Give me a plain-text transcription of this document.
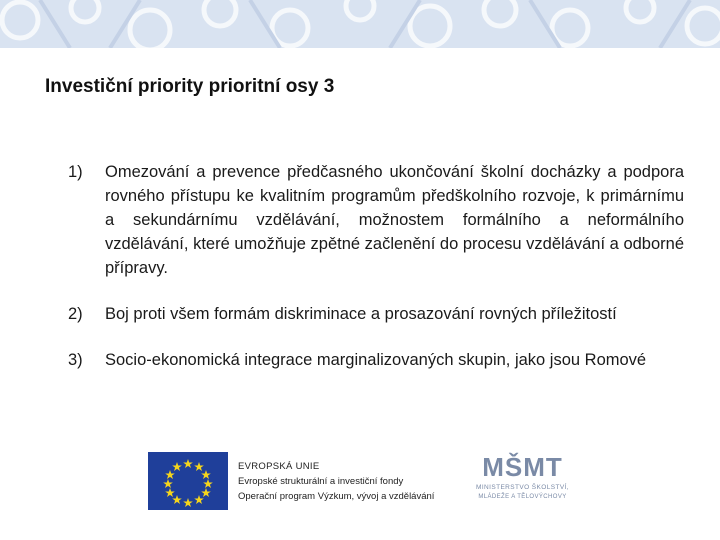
Investiční priority prioritní osy 3
1)	Omezování a prevence předčasného ukončování školní docházky a podpora rovného přístupu ke kvalitním programům předškolního rozvoje, k primárnímu a sekundárnímu vzdělávání, možnostem formálního a neformálního vzdělávání, které umožňuje zpětné začlenění do procesu vzdělávání a odborné přípravy.
2)	Boj proti všem formám diskriminace a prosazování rovných příležitostí
3)	Socio-ekonomická integrace marginalizovaných skupin, jako jsou Romové
EVROPSKÁ UNIE
Evropské strukturální a investiční fondy
Operační program Výzkum, vývoj a vzdělávání
MŠMT
MINISTERSTVO ŠKOLSTVÍ,
MLÁDEŽE A TĚLOVÝCHOVY
